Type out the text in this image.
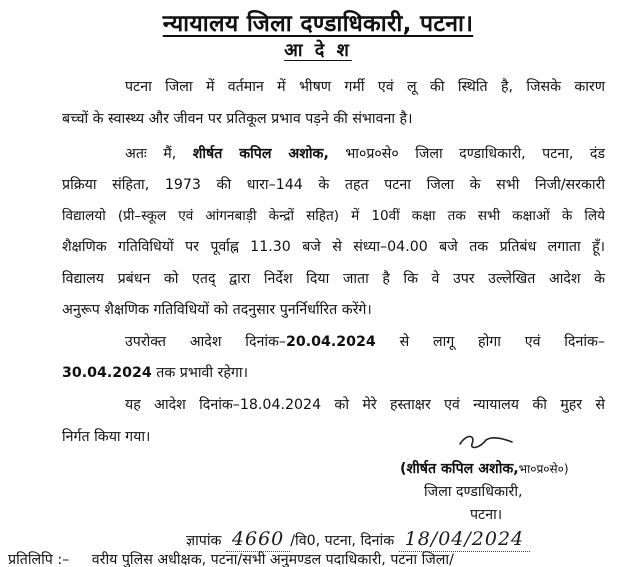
न्यायालय जिला दण्डाधिकारी, पटना।
आ दे श
पटना जिला में वर्तमान में भीषण गर्मी एवं लू की स्थिति है, जिसके कारण
बच्चों के स्वास्थ्य और जीवन पर प्रतिकूल प्रभाव पड़ने की संभावना है।
अतः मैं, शीर्षत कपिल अशोक, भा०प्र०से० जिला दण्डाधिकारी, पटना, दंड
प्रक्रिया संहिता, 1973 की धारा–144 के तहत पटना जिला के सभी निजी/सरकारी
विद्यालयो (प्री–स्कूल एवं आंगनबाड़ी केन्द्रों सहित) में 10वीं कक्षा तक सभी कक्षाओं के लिये
शैक्षणिक गतिविधियों पर पूर्वाह्न 11.30 बजे से संध्या–04.00 बजे तक प्रतिबंध लगाता हूँ।
विद्यालय प्रबंधन को एतद् द्वारा निर्देश दिया जाता है कि वे उपर उल्लेखित आदेश के
अनुरूप शैक्षणिक गतिविधियों को तदनुसार पुनर्निर्धारित करेंगे।
उपरोक्त आदेश दिनांक–20.04.2024 से लागू होगा एवं दिनांक–
30.04.2024 तक प्रभावी रहेगा।
यह आदेश दिनांक–18.04.2024 को मेरे हस्ताक्षर एवं न्यायालय की मुहर से
निर्गत किया गया।
(शीर्षत कपिल अशोक,भा०प्र०से०)
जिला दण्डाधिकारी,
पटना।
ज्ञापांक 4660 /वि0, पटना, दिनांक 18/04/2024
प्रतिलिपि :– वरीय पुलिस अधीक्षक, पटना/सभी अनुमण्डल पदाधिकारी, पटना जिला/
